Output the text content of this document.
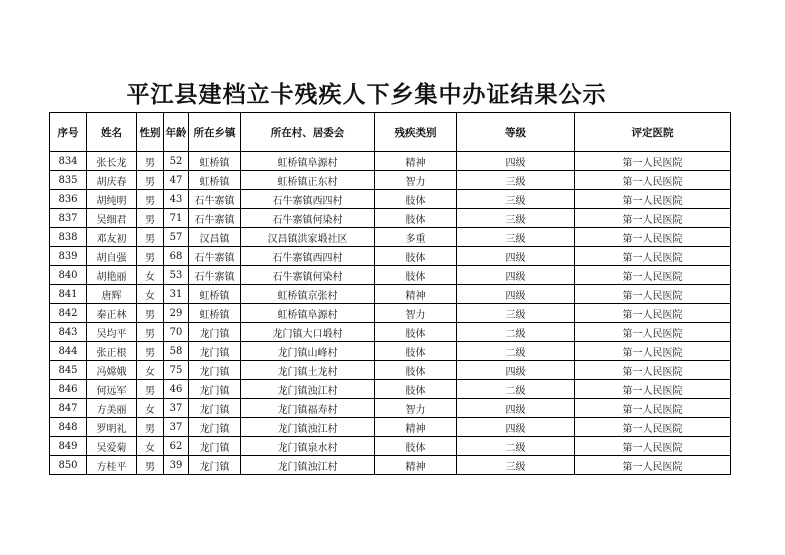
平江县建档立卡残疾人下乡集中办证结果公示
序号	姓名	性别	年龄	所在乡镇	所在村、居委会	残疾类别	等级	评定医院
834	张长龙	男	52	虹桥镇	虹桥镇阜源村	精神	四级	第一人民医院
835	胡庆春	男	47	虹桥镇	虹桥镇正东村	智力	三级	第一人民医院
836	胡纯明	男	43	石牛寨镇	石牛寨镇西四村	肢体	三级	第一人民医院
837	吴细君	男	71	石牛寨镇	石牛寨镇何染村	肢体	三级	第一人民医院
838	邓友初	男	57	汉昌镇	汉昌镇洪家塅社区	多重	三级	第一人民医院
839	胡自强	男	68	石牛寨镇	石牛寨镇西四村	肢体	四级	第一人民医院
840	胡艳丽	女	53	石牛寨镇	石牛寨镇何染村	肢体	四级	第一人民医院
841	唐辉	女	31	虹桥镇	虹桥镇京张村	精神	四级	第一人民医院
842	秦正林	男	29	虹桥镇	虹桥镇阜源村	智力	三级	第一人民医院
843	吴均平	男	70	龙门镇	龙门镇大口塅村	肢体	二级	第一人民医院
844	张正根	男	58	龙门镇	龙门镇山峰村	肢体	二级	第一人民医院
845	冯嫦娥	女	75	龙门镇	龙门镇土龙村	肢体	四级	第一人民医院
846	何远军	男	46	龙门镇	龙门镇浊江村	肢体	二级	第一人民医院
847	方美丽	女	37	龙门镇	龙门镇福寿村	智力	四级	第一人民医院
848	罗明礼	男	37	龙门镇	龙门镇浊江村	精神	四级	第一人民医院
849	吴爱菊	女	62	龙门镇	龙门镇泉水村	肢体	二级	第一人民医院
850	方桂平	男	39	龙门镇	龙门镇浊江村	精神	三级	第一人民医院
